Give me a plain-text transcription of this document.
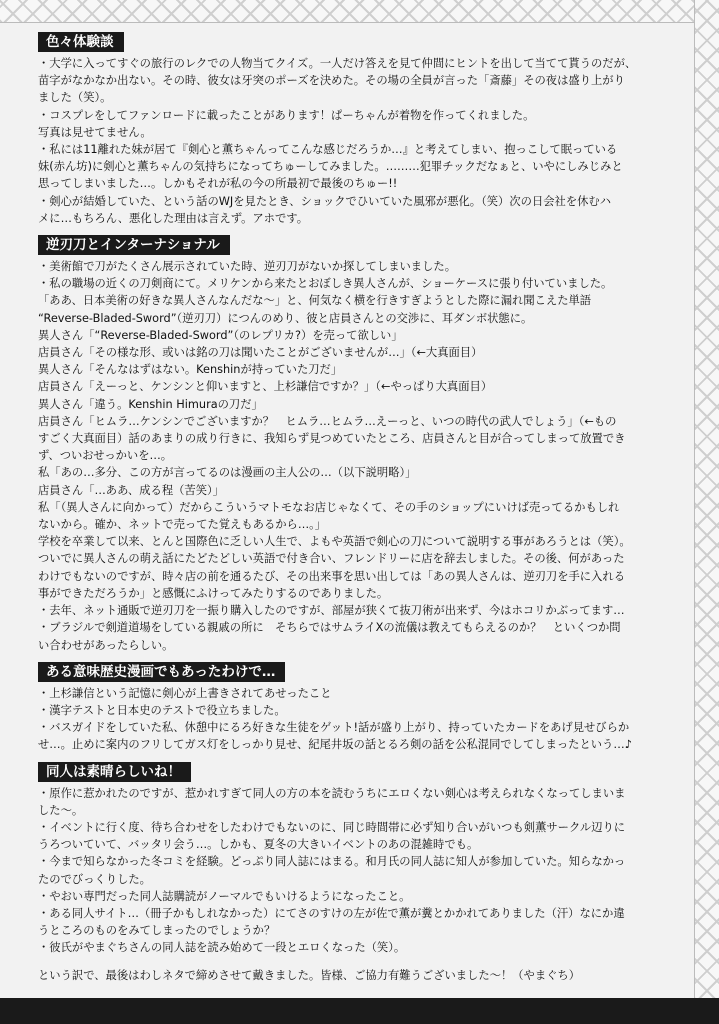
色々体験談

・大学に入ってすぐの旅行のレクでの人物当てクイズ。一人だけ答えを見て仲間にヒントを出して当てて貰うのだが、

苗字がなかなか出ない。その時、彼女は牙突のポーズを決めた。その場の全員が言った「斎藤」その夜は盛り上がり

ました（笑）。

・コスプレをしてファンロードに載ったことがあります！ぱーちゃんが着物を作ってくれました。

写真は見せてません。

・私には11離れた妹が居て『剣心と薫ちゃんってこんな感じだろうか…』と考えてしまい、抱っこして眠っている

妹(赤ん坊)に剣心と薫ちゃんの気持ちになってちゅーしてみました。………犯罪チックだなぁと、いやにしみじみと

思ってしまいました…。しかもそれが私の今の所最初で最後のちゅー!!

・剣心が結婚していた、という話のWJを見たとき、ショックでひいていた風邪が悪化。（笑）次の日会社を休むハ

メに…もちろん、悪化した理由は言えず。アホです。

逆刃刀とインターナショナル

・美術館で刀がたくさん展示されていた時、逆刃刀がないか探してしまいました。

・私の職場の近くの刀剣商にて。メリケンから来たとおぼしき異人さんが、ショーケースに張り付いていました。

「ああ、日本美術の好きな異人さんなんだな～」と、何気なく横を行きすぎようとした際に漏れ聞こえた単語

“Reverse-Bladed-Sword”（逆刃刀）につんのめり、彼と店員さんとの交渉に、耳ダンボ状態に。

異人さん「“Reverse-Bladed-Sword”（のレプリカ?）を売って欲しい」

店員さん「その様な形、或いは銘の刀は聞いたことがございませんが…」（←大真面目）

異人さん「そんなはずはない。Kenshinが持っていた刀だ」

店員さん「えーっと、ケンシンと仰いますと、上杉謙信ですか？」（←やっぱり大真面目）

異人さん「違う。Kenshin Himuraの刀だ」

店員さん「ヒムラ…ケンシンでございますか？　ヒムラ…ヒムラ…えーっと、いつの時代の武人でしょう」（←もの

すごく大真面目）話のあまりの成り行きに、我知らず見つめていたところ、店員さんと目が合ってしまって放置でき

ず、ついおせっかいを…。

私「あの…多分、この方が言ってるのは漫画の主人公の…（以下説明略）」

店員さん「…ああ、成る程（苦笑）」

私「（異人さんに向かって）だからこういうマトモなお店じゃなくて、その手のショップにいけば売ってるかもしれ

ないから。確か、ネットで売ってた覚えもあるから…。」

学校を卒業して以来、とんと国際色に乏しい人生で、よもや英語で剣心の刀について説明する事があろうとは（笑）。

ついでに異人さんの萌え話にたどたどしい英語で付き合い、フレンドリーに店を辞去しました。その後、何があった

わけでもないのですが、時々店の前を通るたび、その出来事を思い出しては「あの異人さんは、逆刃刀を手に入れる

事ができただろうか」と感慨にふけってみたりするのでありました。

・去年、ネット通販で逆刃刀を一振り購入したのですが、部屋が狭くて抜刀術が出来ず、今はホコリかぶってます…

・ブラジルで剣道道場をしている親戚の所に　そちらではサムライXの流儀は教えてもらえるのか？　といくつか問

い合わせがあったらしい。

ある意味歴史漫画でもあったわけで…

・上杉謙信という記憶に剣心が上書きされてあせったこと

・漢字テストと日本史のテストで役立ちました。

・バスガイドをしていた私、休憩中にるろ好きな生徒をゲット!話が盛り上がり、持っていたカードをあげ見せびらか

せ…。止めに案内のフリしてガス灯をしっかり見せ、紀尾井坂の話とるろ剣の話を公私混同でしてしまったという…♪

同人は素晴らしいね！

・原作に惹かれたのですが、惹かれすぎて同人の方の本を読むうちにエロくない剣心は考えられなくなってしまいま

した～。

・イベントに行く度、待ち合わせをしたわけでもないのに、同じ時間帯に必ず知り合いがいつも剣薫サークル辺りに

うろついていて、バッタリ会う…。しかも、夏冬の大きいイベントのあの混雑時でも。

・今まで知らなかった冬コミを経験。どっぷり同人誌にはまる。和月氏の同人誌に知人が参加していた。知らなかっ

たのでびっくりした。

・やおい専門だった同人誌購読がノーマルでもいけるようになったこと。

・ある同人サイト…（冊子かもしれなかった）にてさのすけの左が佐で薫が糞とかかれてありました（汗）なにか違

うところのものをみてしまったのでしょうか？

・彼氏がやまぐちさんの同人誌を読み始めて一段とエロくなった（笑）。

という訳で、最後はわしネタで締めさせて戴きました。皆様、ご協力有難うございました～！（やまぐち）
